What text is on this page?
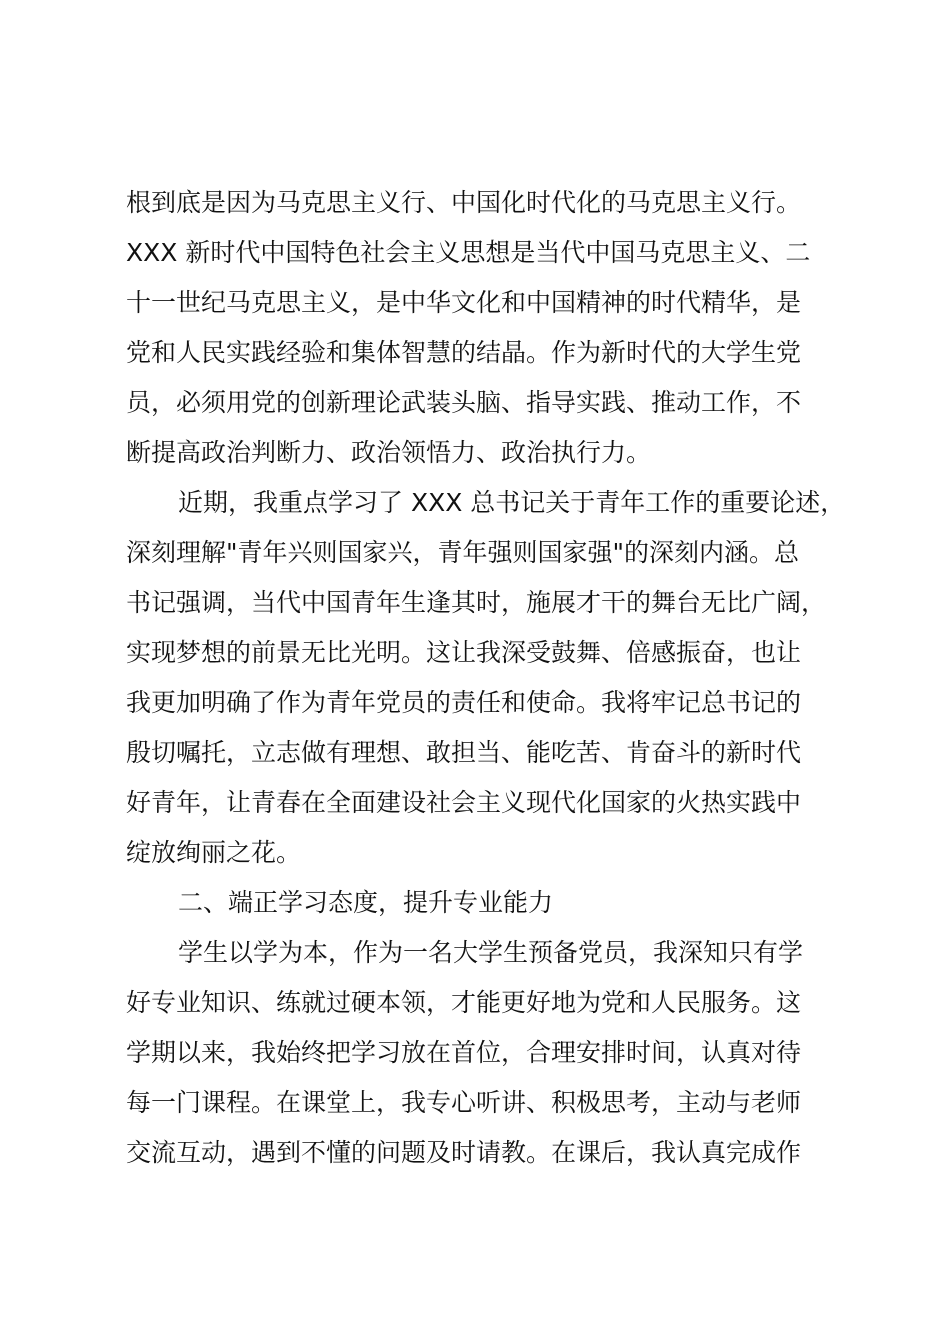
根到底是因为马克思主义行、中国化时代化的马克思主义行。
XXX 新时代中国特色社会主义思想是当代中国马克思主义、二
十一世纪马克思主义，是中华文化和中国精神的时代精华，是
党和人民实践经验和集体智慧的结晶。作为新时代的大学生党
员，必须用党的创新理论武装头脑、指导实践、推动工作，不
断提高政治判断力、政治领悟力、政治执行力。
近期，我重点学习了 XXX 总书记关于青年工作的重要论述，
深刻理解"青年兴则国家兴，青年强则国家强"的深刻内涵。总
书记强调，当代中国青年生逢其时，施展才干的舞台无比广阔，
实现梦想的前景无比光明。这让我深受鼓舞、倍感振奋，也让
我更加明确了作为青年党员的责任和使命。我将牢记总书记的
殷切嘱托，立志做有理想、敢担当、能吃苦、肯奋斗的新时代
好青年，让青春在全面建设社会主义现代化国家的火热实践中
绽放绚丽之花。
二、端正学习态度，提升专业能力
学生以学为本，作为一名大学生预备党员，我深知只有学
好专业知识、练就过硬本领，才能更好地为党和人民服务。这
学期以来，我始终把学习放在首位，合理安排时间，认真对待
每一门课程。在课堂上，我专心听讲、积极思考，主动与老师
交流互动，遇到不懂的问题及时请教。在课后，我认真完成作
